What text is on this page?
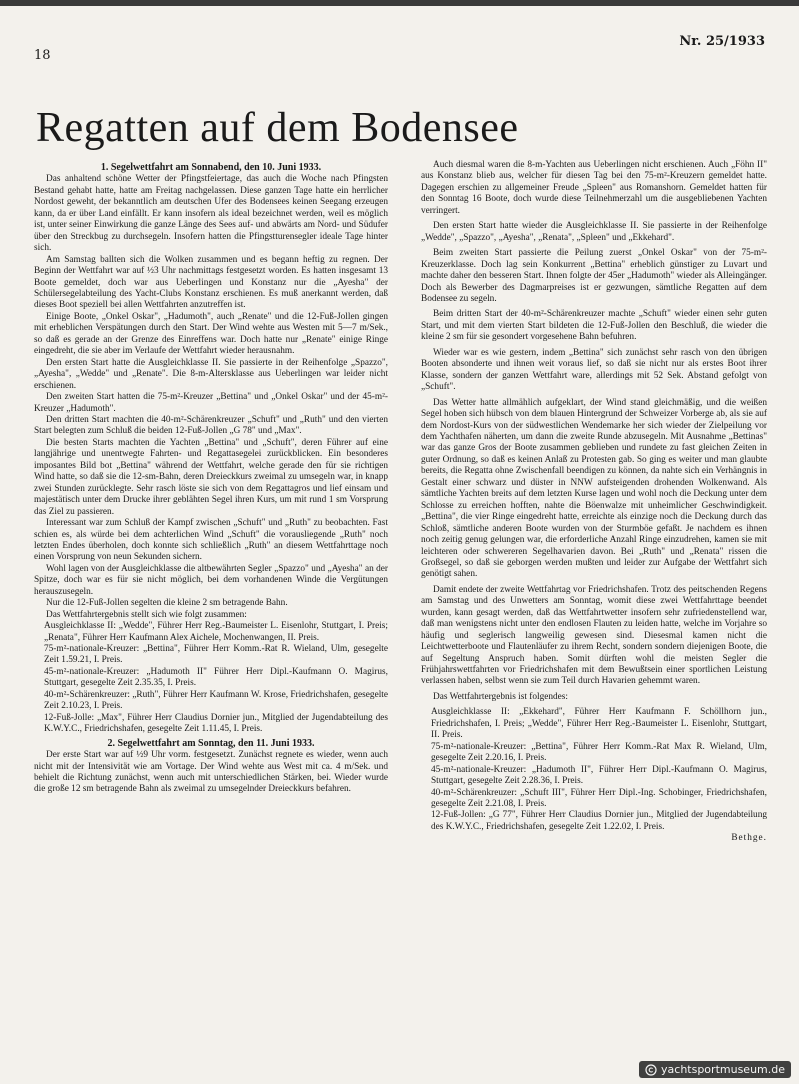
18
Nr. 25/1933
Regatten auf dem Bodensee
1. Segelwettfahrt am Sonnabend, den 10. Juni 1933.

Das anhaltend schöne Wetter der Pfingstfeiertage, das auch die Woche nach Pfingsten Bestand gehabt hatte, hatte am Freitag nachgelassen. Diese ganzen Tage hatte ein herrlicher Nordost geweht, der bekanntlich am deutschen Ufer des Bodensees keinen Seegang erzeugen kann, da er über Land einfällt. Er kann insofern als ideal bezeichnet werden, weil es möglich ist, unter seiner Einwirkung die ganze Länge des Sees auf- und abwärts am Nord- und Südufer über den Streckbug zu durchsegeln. Insofern hatten die Pfingstturensegler ideale Tage hinter sich.

Am Samstag ballten sich die Wolken zusammen und es begann heftig zu regnen. Der Beginn der Wettfahrt war auf ½3 Uhr nachmittags festgesetzt worden. Es hatten insgesamt 13 Boote gemeldet, doch war aus Ueberlingen und Konstanz nur die „Ayesha" der Schülersegelabteilung des Yacht-Clubs Konstanz erschienen. Es muß anerkannt werden, daß dieses Boot speziell bei allen Wettfahrten anzutreffen ist.

Einige Boote, „Onkel Oskar", „Hadumoth", auch „Renate" und die 12-Fuß-Jollen gingen mit erheblichen Verspätungen durch den Start. Der Wind wehte aus Westen mit 5—7 m/Sek., so daß es gerade an der Grenze des Einreffens war. Doch hatte nur „Renate" einige Ringe eingedreht, die sie aber im Verlaufe der Wettfahrt wieder herausnahm.

Den ersten Start hatte die Ausgleichklasse II. Sie passierte in der Reihenfolge „Spazzo", „Ayesha", „Wedde" und „Renate". Die 8-m-Altersklasse aus Ueberlingen war leider nicht erschienen.

Den zweiten Start hatten die 75-m²-Kreuzer „Bettina" und „Onkel Oskar" und der 45-m²-Kreuzer „Hadumoth".

Den dritten Start machten die 40-m²-Schärenkreuzer „Schuft" und „Ruth" und den vierten Start belegten zum Schluß die beiden 12-Fuß-Jollen „G 78" und „Max".

Die besten Starts machten die Yachten „Bettina" und „Schuft", deren Führer auf eine langjährige und unentwegte Fahrten- und Regattasegelei zurückblicken. Ein besonderes imposantes Bild bot „Bettina" während der Wettfahrt, welche gerade den für sie richtigen Wind hatte, so daß sie die 12-sm-Bahn, deren Dreieckkurs zweimal zu umsegeln war, in knapp zwei Stunden zurücklegte. Sehr rasch löste sie sich von dem Regattagros und lief einsam und majestätisch unter dem Drucke ihrer geblähten Segel ihren Kurs, um mit rund 1 sm Vorsprung das Ziel zu passieren.

Interessant war zum Schluß der Kampf zwischen „Schuft" und „Ruth" zu beobachten. Fast schien es, als würde bei dem achterlichen Wind „Schuft" die vorausliegende „Ruth" noch letzten Endes überholen, doch konnte sich schließlich „Ruth" an diesem Wettfahrttage noch einen Vorsprung von neun Sekunden sichern.

Wohl lagen von der Ausgleichklasse die altbewährten Segler „Spazzo" und „Ayesha" an der Spitze, doch war es für sie nicht möglich, bei dem vorhandenen Winde die Vergütungen herauszusegeln.

Nur die 12-Fuß-Jollen segelten die kleine 2 sm betragende Bahn.

Das Wettfahrtergebnis stellt sich wie folgt zusammen:

Ausgleichklasse II: „Wedde", Führer Herr Reg.-Baumeister L. Eisenlohr, Stuttgart, I. Preis; „Renata", Führer Herr Kaufmann Alex Aichele, Mochenwangen, II. Preis.

75-m²-nationale-Kreuzer: „Bettina", Führer Herr Komm.-Rat R. Wieland, Ulm, gesegelte Zeit 1.59.21, I. Preis.

45-m²-nationale-Kreuzer: „Hadumoth II" Führer Herr Dipl.-Kaufmann O. Magirus, Stuttgart, gesegelte Zeit 2.35.35, I. Preis.

40-m²-Schärenkreuzer: „Ruth", Führer Herr Kaufmann W. Krose, Friedrichshafen, gesegelte Zeit 2.10.23, I. Preis.

12-Fuß-Jolle: „Max", Führer Herr Claudius Dornier jun., Mitglied der Jugendabteilung des K.W.Y.C., Friedrichshafen, gesegelte Zeit 1.11.45, I. Preis.

2. Segelwettfahrt am Sonntag, den 11. Juni 1933.

Der erste Start war auf ½9 Uhr vorm. festgesetzt. Zunächst regnete es wieder, wenn auch nicht mit der Intensivität wie am Vortage. Der Wind wehte aus West mit ca. 4 m/Sek. und behielt die Richtung zunächst, wenn auch mit unterschiedlichen Stärken, bei. Wieder wurde die große 12 sm betragende Bahn als zweimal zu umsegelnder Dreieckkurs befahren.

Auch diesmal waren die 8-m-Yachten aus Ueberlingen nicht erschienen. Auch „Föhn II" aus Konstanz blieb aus, welcher für diesen Tag bei den 75-m²-Kreuzern gemeldet hatte. Dagegen erschien zu allgemeiner Freude „Spleen" aus Romanshorn. Gemeldet hatten für den Sonntag 16 Boote, doch wurde diese Teilnehmerzahl um die ausgebliebenen Yachten verringert.

Den ersten Start hatte wieder die Ausgleichklasse II. Sie passierte in der Reihenfolge „Wedde", „Spazzo", „Ayesha", „Renata", „Spleen" und „Ekkehard".

Beim zweiten Start passierte die Peilung zuerst „Onkel Oskar" von der 75-m²-Kreuzerklasse. Doch lag sein Konkurrent „Bettina" erheblich günstiger zu Luvart und machte daher den besseren Start. Ihnen folgte der 45er „Hadumoth" wieder als Alleingänger. Doch als Bewerber des Dagmarpreises ist er gezwungen, sämtliche Regatten auf dem Bodensee zu segeln.

Beim dritten Start der 40-m²-Schärenkreuzer machte „Schuft" wieder einen sehr guten Start, und mit dem vierten Start bildeten die 12-Fuß-Jollen den Beschluß, die wieder die kleine 2 sm für sie gesondert vorgesehene Bahn befuhren.

Wieder war es wie gestern, indem „Bettina" sich zunächst sehr rasch von den übrigen Booten absonderte und ihnen weit voraus lief, so daß sie nicht nur als erstes Boot ihrer Klasse, sondern der ganzen Wettfahrt ware, allerdings mit 52 Sek. Abstand gefolgt von „Schuft".

Das Wetter hatte allmählich aufgeklart, der Wind stand gleichmäßig, und die weißen Segel hoben sich hübsch von dem blauen Hintergrund der Schweizer Vorberge ab, als sie auf dem Nordost-Kurs von der südwestlichen Wendemarke her sich wieder der Zielpeilung vor dem Yachthafen näherten, um dann die zweite Runde abzusegeln. Mit Ausnahme „Bettinas" war das ganze Gros der Boote zusammen geblieben und rundete zu fast gleichen Zeiten in guter Ordnung, so daß es keinen Anlaß zu Protesten gab. So ging es weiter und man glaubte bereits, die Regatta ohne Zwischenfall beendigen zu können, da nahte sich ein Verhängnis in Gestalt einer schwarz und düster in NNW aufsteigenden drohenden Wolkenwand. Als sämtliche Yachten breits auf dem letzten Kurse lagen und wohl noch die Deckung unter dem Schlosse zu erreichen hofften, nahte die Böenwalze mit unheimlicher Geschwindigkeit. „Bettina", die vier Ringe eingedreht hatte, erreichte als einzige noch die Deckung durch das Schloß, sämtliche anderen Boote wurden von der Sturmböe gefaßt. Je nachdem es ihnen noch zeitig genug gelungen war, die erforderliche Anzahl Ringe einzudrehen, kamen sie mit leichteren oder schwereren Segelhavarien davon. Bei „Ruth" und „Renata" rissen die Großsegel, so daß sie geborgen werden mußten und leider zur Aufgabe der Wettfahrt sich genötigt sahen.

Damit endete der zweite Wettfahrtag vor Friedrichshafen. Trotz des peitschenden Regens am Samstag und des Unwetters am Sonntag, womit diese zwei Wettfahrttage beendet wurden, kann gesagt werden, daß das Wettfahrtwetter insofern sehr zufriedenstellend war, daß man wenigstens nicht unter den endlosen Flauten zu leiden hatte, welche im Vorjahre so häufig und seglerisch langweilig gewesen sind. Diesesmal kamen nicht die Leichtwetterboote und Flautenläufer zu ihrem Recht, sondern sondern diejenigen Boote, die auf Segeltung Anspruch haben. Somit dürften wohl die meisten Segler die Frühjahrswettfahrten vor Friedrichshafen mit dem Bewußtsein einer sportlichen Leistung verlassen haben, selbst wenn sie zum Teil durch Havarien gehemmt waren.

Das Wettfahrtergebnis ist folgendes:

Ausgleichklasse II: „Ekkehard", Führer Herr Kaufmann F. Schöllhorn jun., Friedrichshafen, I. Preis; „Wedde", Führer Herr Reg.-Baumeister L. Eisenlohr, Stuttgart, II. Preis.

75-m²-nationale-Kreuzer: „Bettina", Führer Herr Komm.-Rat Max R. Wieland, Ulm, gesegelte Zeit 2.20.16, I. Preis.

45-m²-nationale-Kreuzer: „Hadumoth II", Führer Herr Dipl.-Kaufmann O. Magirus, Stuttgart, gesegelte Zeit 2.28.36, I. Preis.

40-m²-Schärenkreuzer: „Schuft III", Führer Herr Dipl.-Ing. Schobinger, Friedrichshafen, gesegelte Zeit 2.21.08, I. Preis.

12-Fuß-Jollen: „G 77", Führer Herr Claudius Dornier jun., Mitglied der Jugendabteilung des K.W.Y.C., Friedrichshafen, gesegelte Zeit 1.22.02, I. Preis.

Bethge.
yachtsportmuseum.de
